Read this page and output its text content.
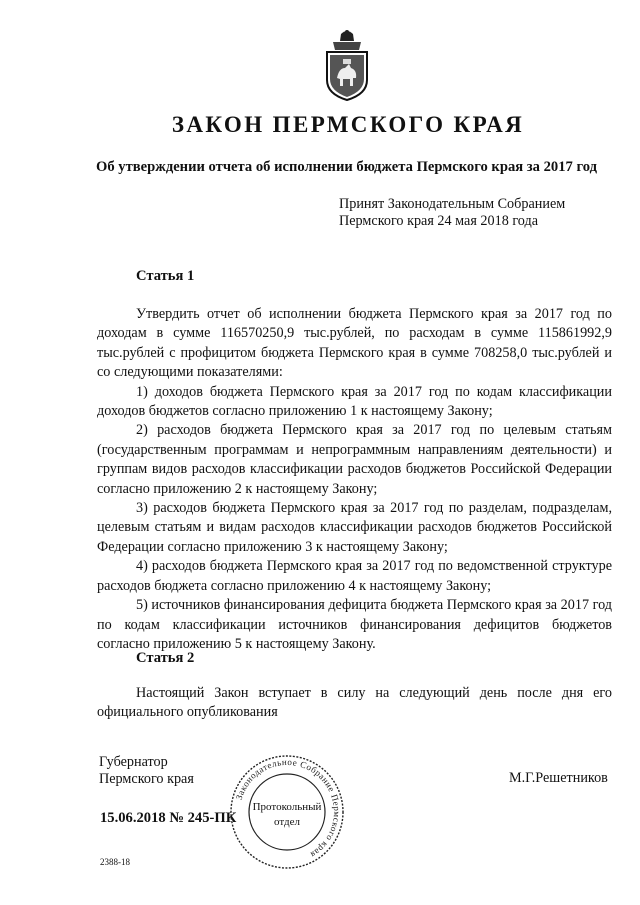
ЗАКОН ПЕРМСКОГО КРАЯ
Об утверждении отчета об исполнении бюджета Пермского края за 2017 год
Принят Законодательным Собранием
Пермского края 24 мая 2018 года
Статья 1

Утвердить отчет об исполнении бюджета Пермского края за 2017 год по доходам в сумме 116570250,9 тыс.рублей, по расходам в сумме 115861992,9 тыс.рублей с профицитом бюджета Пермского края в сумме 708258,0 тыс.рублей и со следующими показателями:

1) доходов бюджета Пермского края за 2017 год по кодам классификации доходов бюджетов согласно приложению 1 к настоящему Закону;

2) расходов бюджета Пермского края за 2017 год по целевым статьям (государственным программам и непрограммным направлениям деятельности) и группам видов расходов классификации расходов бюджетов Российской Федерации согласно приложению 2 к настоящему Закону;

3) расходов бюджета Пермского края за 2017 год по разделам, подразделам, целевым статьям и видам расходов классификации расходов бюджетов Российской Федерации согласно приложению 3 к настоящему Закону;

4) расходов бюджета Пермского края за 2017 год по ведомственной структуре расходов бюджета согласно приложению 4 к настоящему Закону;

5) источников финансирования дефицита бюджета Пермского края за 2017 год по кодам классификации источников финансирования дефицитов бюджетов согласно приложению 5 к настоящему Закону.

Статья 2

Настоящий Закон вступает в силу на следующий день после дня его официального опубликования

Губернатор
Пермского края	М.Г.Решетников
15.06.2018 № 245-ПК
2388-18
Законодательное Собрание Пермского края
Протокольный
отдел
